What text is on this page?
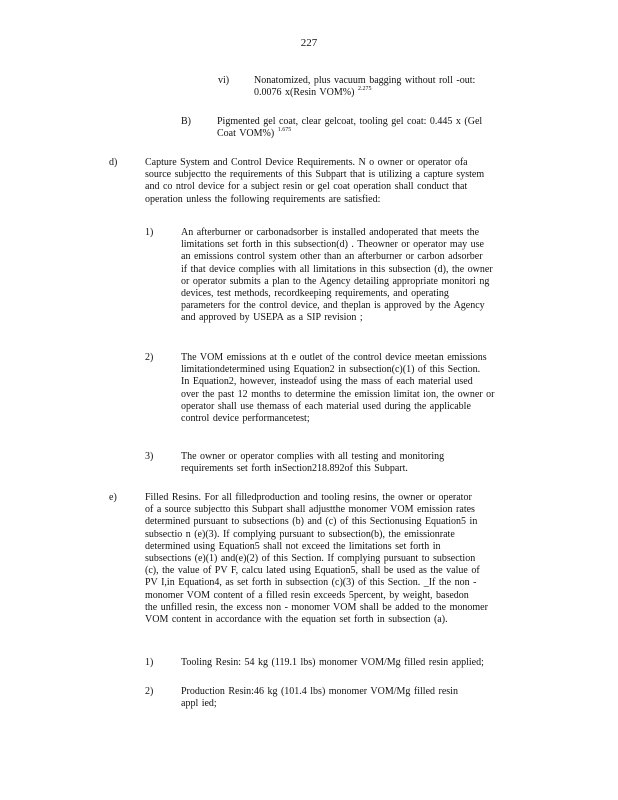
227
vi) Nonatomized, plus vacuum bagging without roll -out:
0.0076 x(Resin VOM%) $^{2.275}$
B)	Pigmented gel coat, clear gelcoat, tooling gel coat: 0.445 x (Gel
Coat VOM%) $^{1.675}$
d)	Capture System and Control Device Requirements. N o owner or operator ofa
source subjectto the requirements of this Subpart that is utilizing a capture system
and co ntrol device for a subject resin or gel coat operation shall conduct that
operation unless the following requirements are satisfied:
1)	An afterburner or carbonadsorber is installed andoperated that meets the
limitations set forth in this subsection(d) . Theowner or operator may use
an emissions control system other than an afterburner or carbon adsorber
if that device complies with all limitations in this subsection (d), the owner
or operator submits a plan to the Agency detailing appropriate monitori ng
devices, test methods, recordkeeping requirements, and operating
parameters for the control device, and theplan is approved by the Agency
and approved by USEPA as a SIP revision ;
2)	The VOM emissions at th e outlet of the control device meetan emissions
limitationdetermined using Equation2 in subsection(c)(1) of this Section.
In Equation2, however, insteadof using the mass of each material used
over the past 12 months to determine the emission limitat ion, the owner or
operator shall use themass of each material used during the applicable
control device performancetest;
3)	The owner or operator complies with all testing and monitoring
requirements set forth inSection218.892of this Subpart.
e)	Filled Resins. For all filledproduction and tooling resins, the owner or operator
of a source subjectto this Subpart shall adjustthe monomer VOM emission rates
determined pursuant to subsections (b) and (c) of this Sectionusing Equation5 in
subsectio n (e)(3). If complying pursuant to subsection(b), the emissionrate
determined using Equation5 shall not exceed the limitations set forth in
subsections (e)(1) and(e)(2) of this Section. If complying pursuant to subsection
(c), the value of PV F, calcu lated using Equation5, shall be used as the value of
PV I,in Equation4, as set forth in subsection (c)(3) of this Section. _If the non -
monomer VOM content of a filled resin exceeds 5percent, by weight, basedon
the unfilled resin, the excess non - monomer VOM shall be added to the monomer
VOM content in accordance with the equation set forth in subsection (a).
1)	Tooling Resin: 54 kg (119.1 lbs) monomer VOM/Mg filled resin applied;
2)	Production Resin:46 kg (101.4 lbs) monomer VOM/Mg filled resin
appl ied;
